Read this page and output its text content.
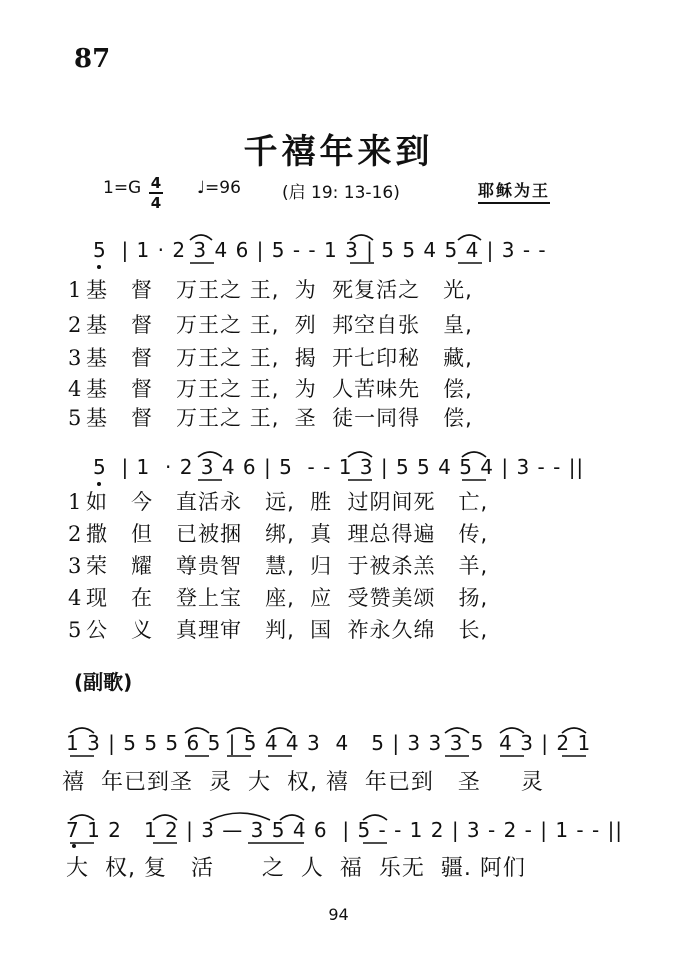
87
千禧年来到
1=G 4
4
♩=96 (启 19: 13-16)	耶稣为王
5  | 1 · 2 3 4 6 | 5 - - 1 3 | 5 5 4 5 4 | 3 - -
1 基   督   万王之 王,  为  死复活之   光,
2 基   督   万王之 王,  列  邦空自张   皇,
3 基   督   万王之 王,  揭  开七印秘   藏,
4 基   督   万王之 王,  为  人苦味先   偿,
5 基   督   万王之 王,  圣  徒一同得   偿,
5  | 1  · 2 3 4 6 | 5  - - 1 3 | 5 5 4 5 4 | 3 - - ||
1 如   今   直活永   远,  胜  过阴间死   亡,
2 撒   但   已被捆   绑,  真  理总得遍   传,
3 荣   耀   尊贵智   慧,  归  于被杀羔   羊,
4 现   在   登上宝   座,  应  受赞美颂   扬,
5 公   义   真理审   判,  国  祚永久绵   长,
(副歌)
1 3 | 5 5 5 6 5 | 5 4 4 3  4   5 | 3 3 3 5  4 3 | 2 1
禧  年已到圣  灵  大  权, 禧  年已到   圣     灵
7 1 2   1 2 | 3 — 3 5 4 6  | 5 - - 1 2 | 3 - 2 - | 1 - - ||
大  权, 复   活      之  人  福  乐无  疆. 阿们
94
